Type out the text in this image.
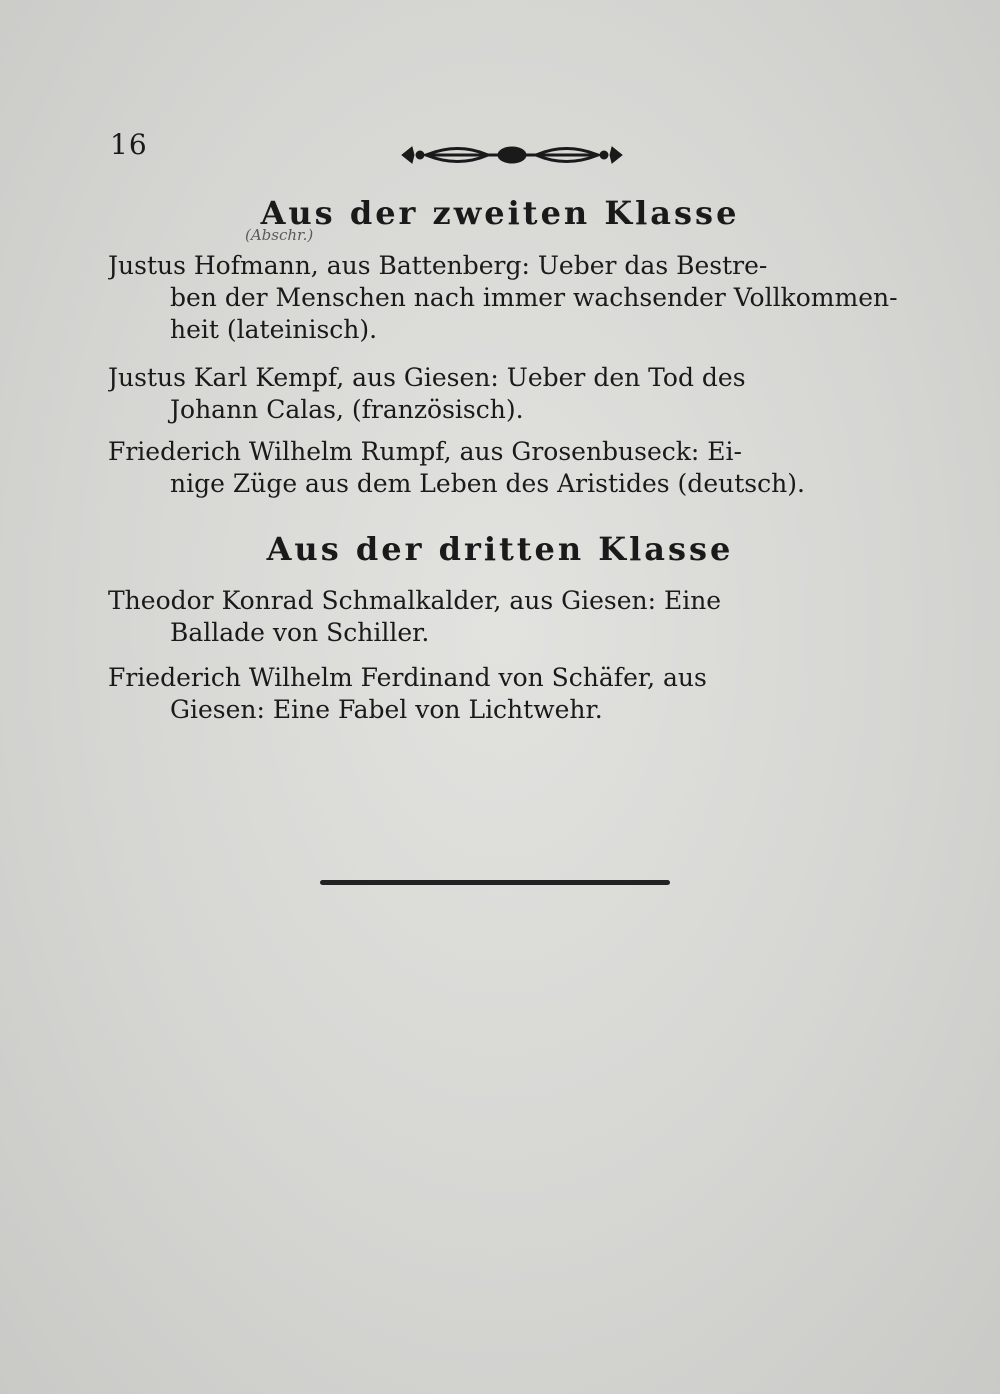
16
Aus der zweiten Klasse
(Abschr.)
Justus Hofmann, aus Battenberg: Ueber das Bestre-
ben der Menschen nach immer wachsender Vollkommen-
heit (lateinisch).
Justus Karl Kempf, aus Giesen: Ueber den Tod des
Johann Calas, (französisch).
Friederich Wilhelm Rumpf, aus Grosenbuseck: Ei-
nige Züge aus dem Leben des Aristides (deutsch).
Aus der dritten Klasse
Theodor Konrad Schmalkalder, aus Giesen: Eine
Ballade von Schiller.
Friederich Wilhelm Ferdinand von Schäfer, aus
Giesen: Eine Fabel von Lichtwehr.
